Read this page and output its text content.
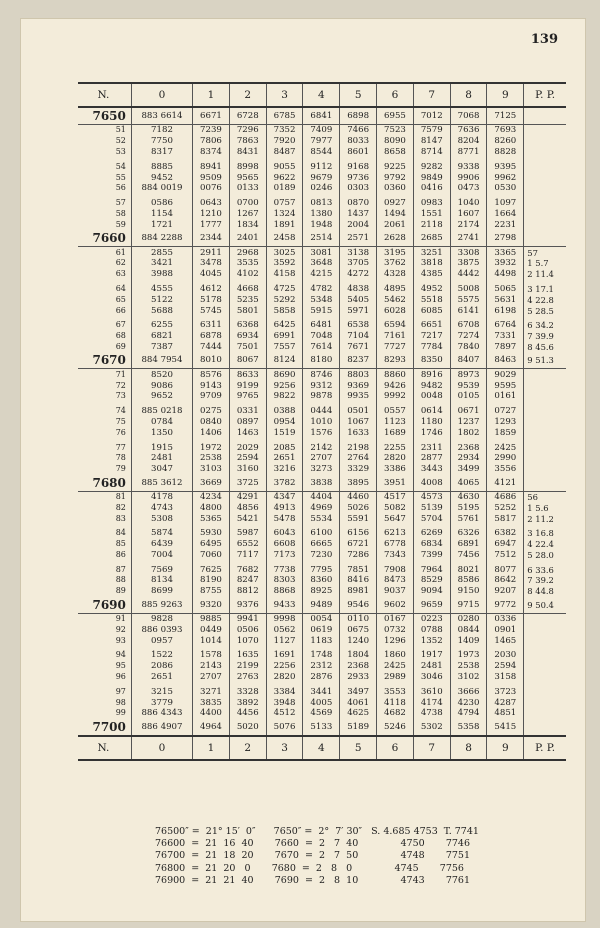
139
N.	0	1	2	3	4	5	6	7	8	9	P. P.
7650	883 6614	6671	6728	6785	6841	6898	6955	7012	7068	7125	
51	7182	7239	7296	7352	7409	7466	7523	7579	7636	7693	
52	7750	7806	7863	7920	7977	8033	8090	8147	8204	8260	
53	8317	8374	8431	8487	8544	8601	8658	8714	8771	8828	

54	8885	8941	8998	9055	9112	9168	9225	9282	9338	9395	
55	9452	9509	9565	9622	9679	9736	9792	9849	9906	9962	
56	884 0019	0076	0133	0189	0246	0303	0360	0416	0473	0530	

57	0586	0643	0700	0757	0813	0870	0927	0983	1040	1097	
58	1154	1210	1267	1324	1380	1437	1494	1551	1607	1664	
59	1721	1777	1834	1891	1948	2004	2061	2118	2174	2231	
7660	884 2288	2344	2401	2458	2514	2571	2628	2685	2741	2798	
61	2855	2911	2968	3025	3081	3138	3195	3251	3308	3365	57
62	3421	3478	3535	3592	3648	3705	3762	3818	3875	3932	1 5.7
63	3988	4045	4102	4158	4215	4272	4328	4385	4442	4498	2 11.4

64	4555	4612	4668	4725	4782	4838	4895	4952	5008	5065	3 17.1
65	5122	5178	5235	5292	5348	5405	5462	5518	5575	5631	4 22.8
66	5688	5745	5801	5858	5915	5971	6028	6085	6141	6198	5 28.5

67	6255	6311	6368	6425	6481	6538	6594	6651	6708	6764	6 34.2
68	6821	6878	6934	6991	7048	7104	7161	7217	7274	7331	7 39.9
69	7387	7444	7501	7557	7614	7671	7727	7784	7840	7897	8 45.6
7670	884 7954	8010	8067	8124	8180	8237	8293	8350	8407	8463	9 51.3
71	8520	8576	8633	8690	8746	8803	8860	8916	8973	9029	
72	9086	9143	9199	9256	9312	9369	9426	9482	9539	9595	
73	9652	9709	9765	9822	9878	9935	9992	0048	0105	0161	

74	885 0218	0275	0331	0388	0444	0501	0557	0614	0671	0727	
75	0784	0840	0897	0954	1010	1067	1123	1180	1237	1293	
76	1350	1406	1463	1519	1576	1633	1689	1746	1802	1859	

77	1915	1972	2029	2085	2142	2198	2255	2311	2368	2425	
78	2481	2538	2594	2651	2707	2764	2820	2877	2934	2990	
79	3047	3103	3160	3216	3273	3329	3386	3443	3499	3556	
7680	885 3612	3669	3725	3782	3838	3895	3951	4008	4065	4121	
81	4178	4234	4291	4347	4404	4460	4517	4573	4630	4686	56
82	4743	4800	4856	4913	4969	5026	5082	5139	5195	5252	1 5.6
83	5308	5365	5421	5478	5534	5591	5647	5704	5761	5817	2 11.2

84	5874	5930	5987	6043	6100	6156	6213	6269	6326	6382	3 16.8
85	6439	6495	6552	6608	6665	6721	6778	6834	6891	6947	4 22.4
86	7004	7060	7117	7173	7230	7286	7343	7399	7456	7512	5 28.0

87	7569	7625	7682	7738	7795	7851	7908	7964	8021	8077	6 33.6
88	8134	8190	8247	8303	8360	8416	8473	8529	8586	8642	7 39.2
89	8699	8755	8812	8868	8925	8981	9037	9094	9150	9207	8 44.8
7690	885 9263	9320	9376	9433	9489	9546	9602	9659	9715	9772	9 50.4
91	9828	9885	9941	9998	0054	0110	0167	0223	0280	0336	
92	886 0393	0449	0506	0562	0619	0675	0732	0788	0844	0901	
93	0957	1014	1070	1127	1183	1240	1296	1352	1409	1465	

94	1522	1578	1635	1691	1748	1804	1860	1917	1973	2030	
95	2086	2143	2199	2256	2312	2368	2425	2481	2538	2594	
96	2651	2707	2763	2820	2876	2933	2989	3046	3102	3158	

97	3215	3271	3328	3384	3441	3497	3553	3610	3666	3723	
98	3779	3835	3892	3948	4005	4061	4118	4174	4230	4287	
99	886 4343	4400	4456	4512	4569	4625	4682	4738	4794	4851	
7700	886 4907	4964	5020	5076	5133	5189	5246	5302	5358	5415	
N.	0	1	2	3	4	5	6	7	8	9	P. P.
76500″ =  21° 15′  0″      7650″ =  2°  7′ 30″   S. 4.685 4753  T. 7741
76600  =  21  16  40       7660  =  2   7  40              4750       7746
76700  =  21  18  20       7670  =  2   7  50              4748       7751
76800  =  21  20   0       7680  =  2   8   0              4745       7756
76900  =  21  21  40       7690  =  2   8  10              4743       7761
